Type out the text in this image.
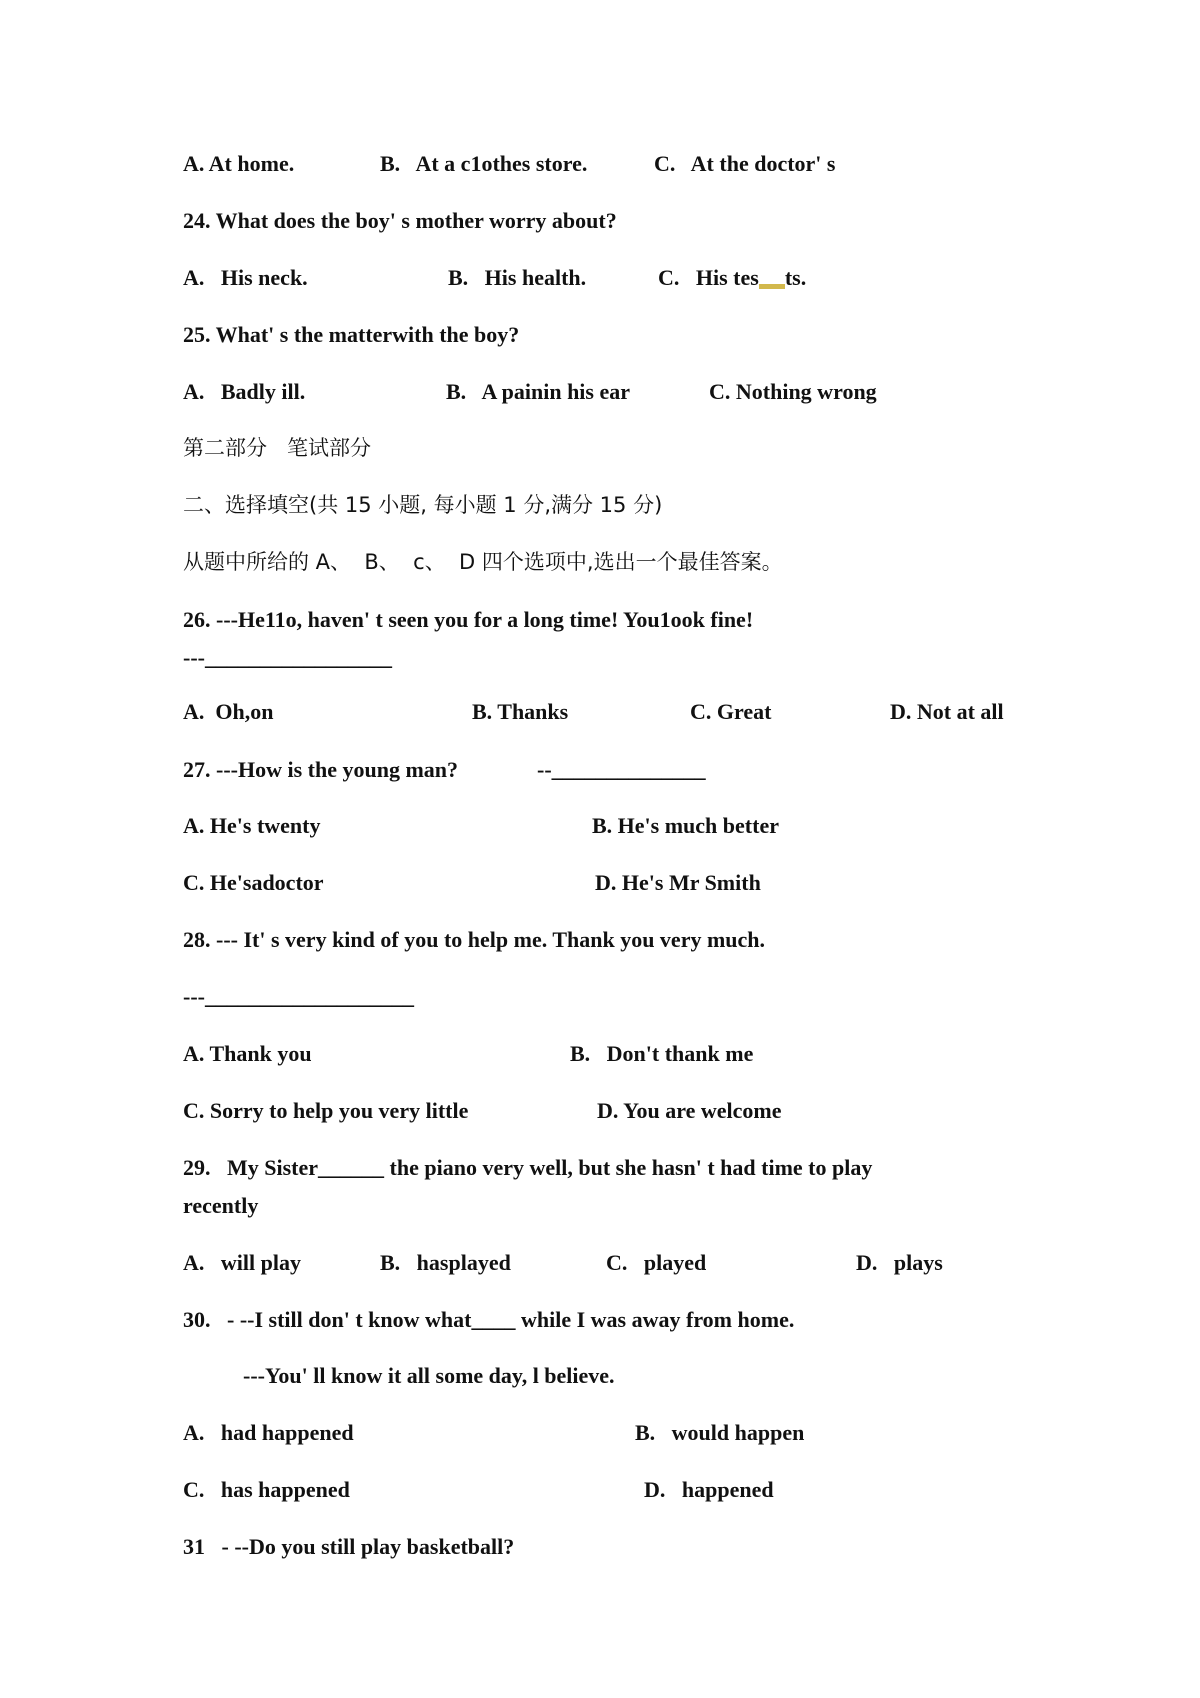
A. At home.	B.   At a c1othes store.	C.   At the doctor' s
24. What does the boy' s mother worry about?
A.   His neck.	B.   His health.	C.   His tes ts.
25. What' s the matterwith the boy?
A.   Badly ill.	B.   A painin his ear	C. Nothing wrong
第二部分   笔试部分
二、选择填空(共 15 小题, 每小题 1 分,满分 15 分)
从题中所给的 A、  B、  c、  D 四个选项中,选出一个最佳答案。
26. ---He11o, haven' t seen you for a long time! You1ook fine!
---_________________
A.  Oh,on	B. Thanks	C. Great	D. Not at all
27. ---How is the young man?	--______________
A. He's twenty	B. He's much better
C. He'sadoctor	D. He's Mr Smith
28. --- It' s very kind of you to help me. Thank you very much.
---___________________
A. Thank you	B.   Don't thank me
C. Sorry to help you very little	D. You are welcome
29.   My Sister______ the piano very well, but she hasn' t had time to play
recently
A.   will play	B.   hasplayed	C.   played	D.   plays
30.   - --I still don' t know what____ while I was away from home.
---You' ll know it all some day, l believe.
A.   had happened	B.   would happen
C.   has happened	D.   happened
31   - --Do you still play basketball?
